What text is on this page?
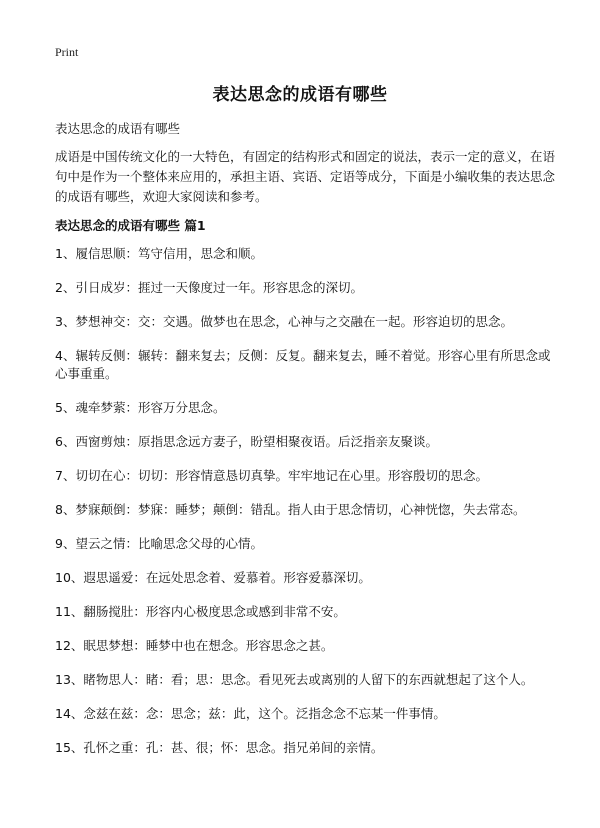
Print
表达思念的成语有哪些
表达思念的成语有哪些
成语是中国传统文化的一大特色，有固定的结构形式和固定的说法，表示一定的意义，在语句中是作为一个整体来应用的，承担主语、宾语、定语等成分，下面是小编收集的表达思念的成语有哪些，欢迎大家阅读和参考。
表达思念的成语有哪些 篇1
1、履信思顺：笃守信用，思念和顺。
2、引日成岁：捱过一天像度过一年。形容思念的深切。
3、梦想神交：交：交遇。做梦也在思念，心神与之交融在一起。形容迫切的思念。
4、辗转反侧：辗转：翻来复去；反侧：反复。翻来复去，睡不着觉。形容心里有所思念或心事重重。
5、魂牵梦萦：形容万分思念。
6、西窗剪烛：原指思念远方妻子，盼望相聚夜语。后泛指亲友聚谈。
7、切切在心：切切：形容情意恳切真挚。牢牢地记在心里。形容殷切的思念。
8、梦寐颠倒：梦寐：睡梦；颠倒：错乱。指人由于思念情切，心神恍惚，失去常态。
9、望云之情：比喻思念父母的心情。
10、遐思遥爱：在远处思念着、爱慕着。形容爱慕深切。
11、翻肠搅肚：形容内心极度思念或感到非常不安。
12、眠思梦想：睡梦中也在想念。形容思念之甚。
13、睹物思人：睹：看；思：思念。看见死去或离别的人留下的东西就想起了这个人。
14、念兹在兹：念：思念；兹：此，这个。泛指念念不忘某一件事情。
15、孔怀之重：孔：甚、很；怀：思念。指兄弟间的亲情。
